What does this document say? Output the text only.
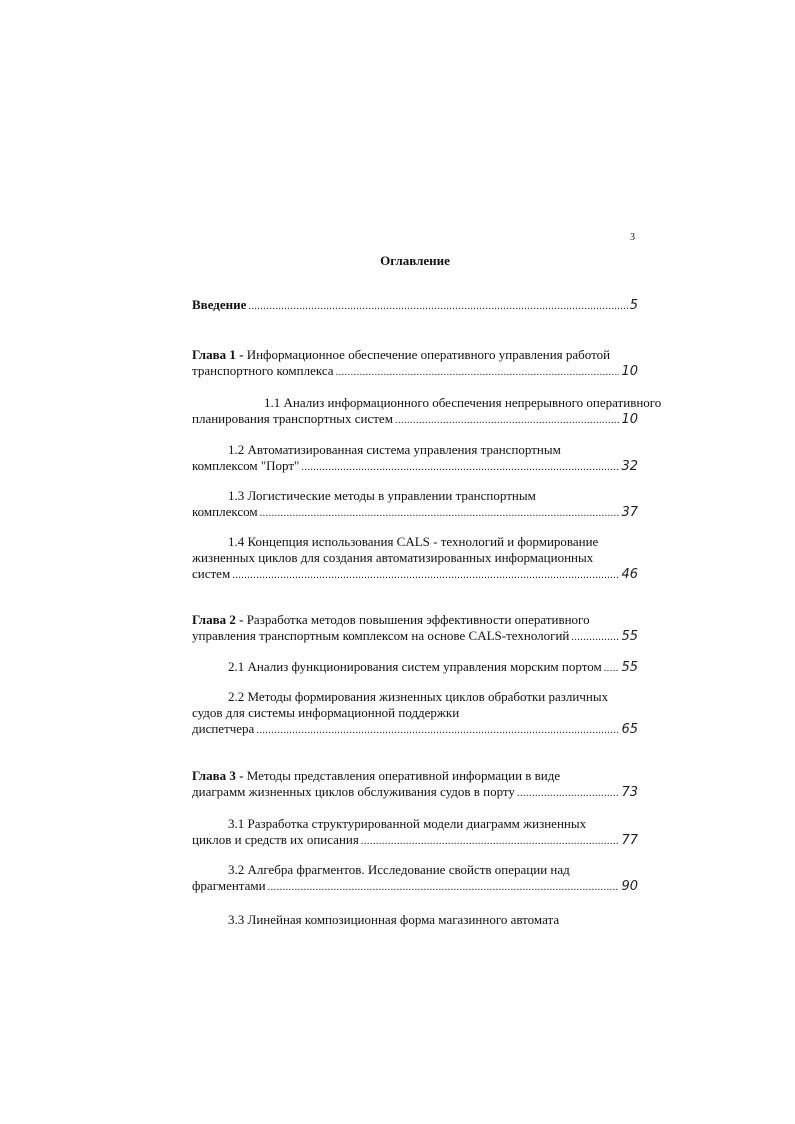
3
Оглавление
Введение .....	5
Глава 1 - Информационное обеспечение оперативного управления работой
транспортного комплекса .....	10
1.1 Анализ информационного обеспечения непрерывного оперативного
планирования транспортных систем .....	10
1.2 Автоматизированная система управления транспортным
комплексом "Порт" .....	32
1.3 Логистические методы в управлении транспортным
комплексом .....	37
1.4 Концепция использования CALS - технологий и формирование
жизненных циклов для создания автоматизированных информационных
систем .....	46
Глава 2 - Разработка методов повышения эффективности оперативного
управления транспортным комплексом на основе CALS-технологий .....	55
2.1 Анализ функционирования систем управления морским портом ..... 55
2.2 Методы формирования жизненных циклов обработки различных
судов для системы информационной поддержки
диспетчера .....	65
Глава 3 - Методы представления оперативной информации в виде
диаграмм жизненных циклов обслуживания судов в порту .....	73
3.1 Разработка структурированной модели диаграмм жизненных
циклов и средств их описания .....	77
3.2 Алгебра фрагментов. Исследование свойств операции над
фрагментами .....	90
3.3 Линейная композиционная форма магазинного автомата
